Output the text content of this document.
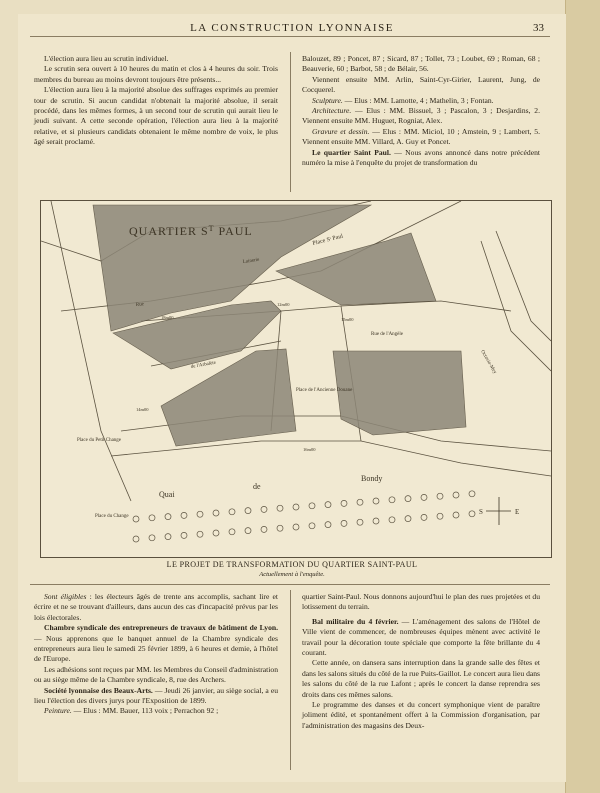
LA CONSTRUCTION LYONNAISE	33

L'élection aura lieu au scrutin individuel.

Le scrutin sera ouvert à 10 heures du matin et clos à 4 heures du soir. Trois membres du bureau au moins devront toujours être présents...

L'élection aura lieu à la majorité absolue des suffrages exprimés au premier tour de scrutin. Si aucun candidat n'obtenait la majorité absolue, il serait procédé, dans les mêmes formes, à un second tour de scrutin qui aurait lieu le jeudi suivant. A cette seconde opération, l'élection aura lieu à la majorité relative, et si plusieurs candidats obtenaient le même nombre de voix, le plus âgé serait proclamé.

Balouzet, 89 ; Poncet, 87 ; Sicard, 87 ; Tollet, 73 ; Loubet, 69 ; Roman, 68 ; Beauverie, 60 ; Barbot, 58 ; de Bélair, 56.

Viennent ensuite MM. Arlin, Saint-Cyr-Girier, Laurent, Jung, de Cocquerel.

Sculpture. — Elus : MM. Lamotte, 4 ; Mathelin, 3 ; Fontan.

Architecture. — Elus : MM. Bissuel, 3 ; Pascalon, 3 ; Desjardins, 2. Viennent ensuite MM. Huguet, Rogniat, Alex.

Gravure et dessin. — Elus : MM. Miciol, 10 ; Amstein, 9 ; Lambert, 5. Viennent ensuite MM. Villard, A. Guy et Poncet.

Le quartier Saint Paul. — Nous avons annoncé dans notre précédent numéro la mise à l'enquête du projet de transformation du

QUARTIER $S^T$ PAUL
Place Sᵗ Paul
Lainerie
Rue
Rue de l'Angèle
de l'Arbalète
Place de l'Ancienne Douane
Octavio-Mey
Place du Petit Change
Quai
de
Bondy
Place du Change
12m00
16m00
15m00
14m00
18m00
S	E
LE PROJET DE TRANSFORMATION DU QUARTIER SAINT-PAUL
Actuellement à l'enquête.

Sont éligibles : les électeurs âgés de trente ans accomplis, sachant lire et écrire et ne se trouvant d'ailleurs, dans aucun des cas d'incapacité prévus par les lois électorales.

Chambre syndicale des entrepreneurs de travaux de bâtiment de Lyon. — Nous apprenons que le banquet annuel de la Chambre syndicale des entrepreneurs aura lieu le samedi 25 février 1899, à 6 heures et demie, à l'hôtel de l'Europe.

Les adhésions sont reçues par MM. les Membres du Conseil d'administration ou au siège même de la Chambre syndicale, 8, rue des Archers.

Société lyonnaise des Beaux-Arts. — Jeudi 26 janvier, au siège social, a eu lieu l'élection des divers jurys pour l'Exposition de 1899.

Peinture. — Elus : MM. Bauer, 113 voix ; Perrachon 92 ;

quartier Saint-Paul. Nous donnons aujourd'hui le plan des rues projetées et du lotissement du terrain.

Bal militaire du 4 février. — L'aménagement des salons de l'Hôtel de Ville vient de commencer, de nombreuses équipes mènent avec activité le travail pour la décoration toute spéciale que comporte la fête brillante du 4 courant.

Cette année, on dansera sans interruption dans la grande salle des fêtes et dans les salons situés du côté de la rue Puits-Gaillot. Le concert aura lieu dans les salons du côté de la rue Lafont ; après le concert la danse reprendra ses droits dans ces mêmes salons.

Le programme des danses et du concert symphonique vient de paraître joliment édité, et spontanément offert à la Commission d'organisation, par l'administration des magasins des Deux-
